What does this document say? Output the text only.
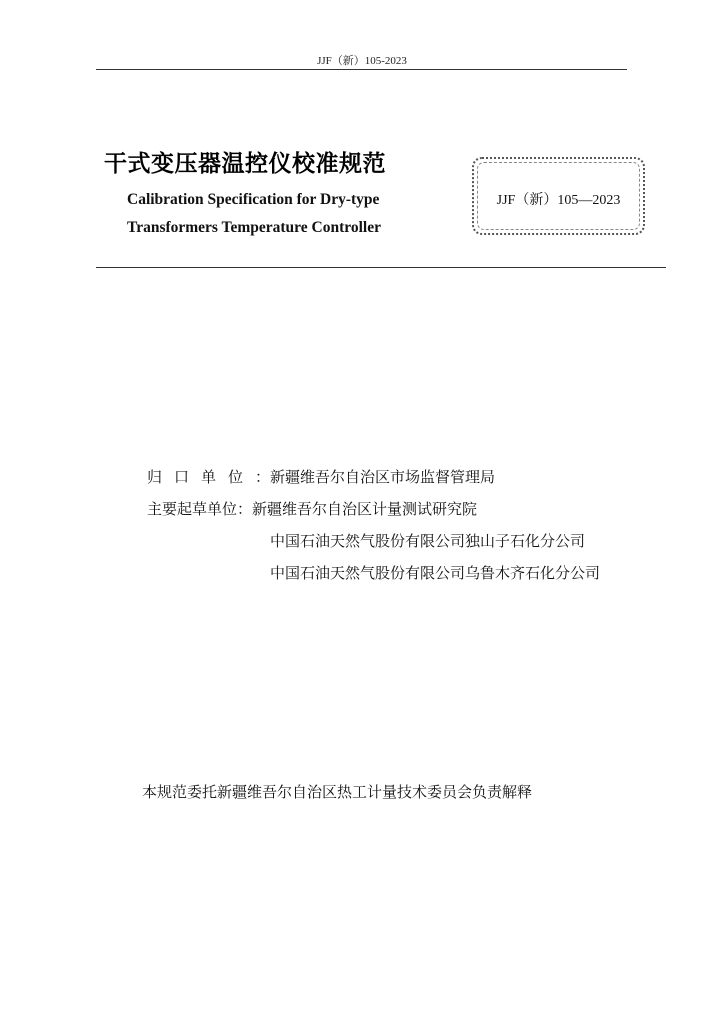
JJF（新）105-2023
干式变压器温控仪校准规范
Calibration Specification for Dry-type
Transformers Temperature Controller
JJF（新）105—2023
归口单位：新疆维吾尔自治区市场监督管理局
主要起草单位：新疆维吾尔自治区计量测试研究院
中国石油天然气股份有限公司独山子石化分公司
中国石油天然气股份有限公司乌鲁木齐石化分公司
本规范委托新疆维吾尔自治区热工计量技术委员会负责解释
